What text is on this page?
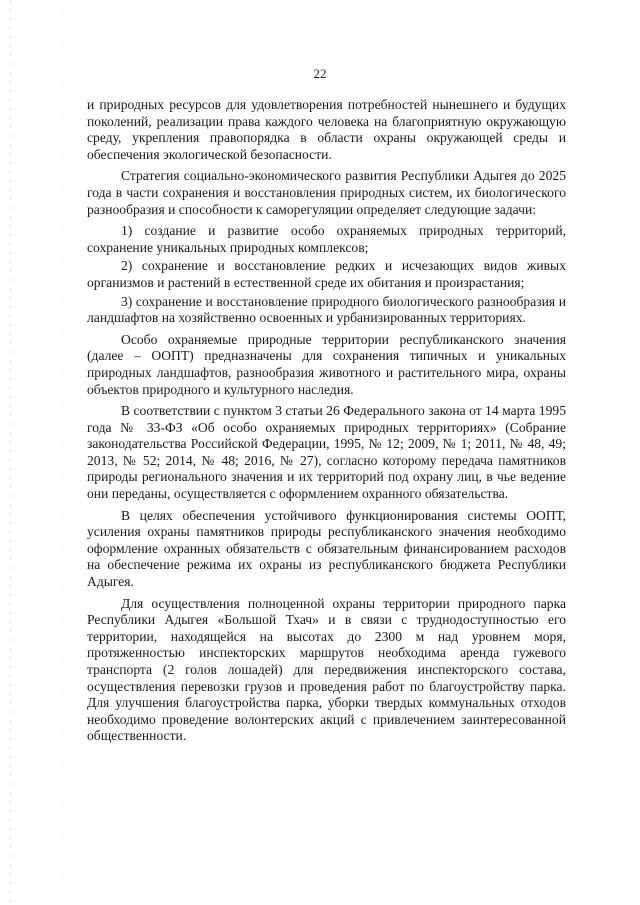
22

и природных ресурсов для удовлетворения потребностей нынешнего и будущих поколений, реализации права каждого человека на благоприятную окружающую среду, укрепления правопорядка в области охраны окружающей среды и обеспечения экологической безопасности.

Стратегия социально-экономического развития Республики Адыгея до 2025 года в части сохранения и восстановления природных систем, их биологического разнообразия и способности к саморегуляции определяет следующие задачи:

1) создание и развитие особо охраняемых природных территорий, сохранение уникальных природных комплексов;

2) сохранение и восстановление редких и исчезающих видов живых организмов и растений в естественной среде их обитания и произрастания;

3) сохранение и восстановление природного биологического разнообразия и ландшафтов на хозяйственно освоенных и урбанизированных территориях.

Особо охраняемые природные территории республиканского значения (далее – ООПТ) предназначены для сохранения типичных и уникальных природных ландшафтов, разнообразия животного и растительного мира, охраны объектов природного и культурного наследия.

В соответствии с пунктом 3 статьи 26 Федерального закона от 14 марта 1995 года № 33-ФЗ «Об особо охраняемых природных территориях» (Собрание законодательства Российской Федерации, 1995, № 12; 2009, № 1; 2011, № 48, 49; 2013, № 52; 2014, № 48; 2016, № 27), согласно которому передача памятников природы регионального значения и их территорий под охрану лиц, в чье ведение они переданы, осуществляется с оформлением охранного обязательства.

В целях обеспечения устойчивого функционирования системы ООПТ, усиления охраны памятников природы республиканского значения необходимо оформление охранных обязательств с обязательным финансированием расходов на обеспечение режима их охраны из республиканского бюджета Республики Адыгея.

Для осуществления полноценной охраны территории природного парка Республики Адыгея «Большой Тхач» и в связи с труднодоступностью его территории, находящейся на высотах до 2300 м над уровнем моря, протяженностью инспекторских маршрутов необходима аренда гужевого транспорта (2 голов лошадей) для передвижения инспекторского состава, осуществления перевозки грузов и проведения работ по благоустройству парка. Для улучшения благоустройства парка, уборки твердых коммунальных отходов необходимо проведение волонтерских акций с привлечением заинтересованной общественности.
